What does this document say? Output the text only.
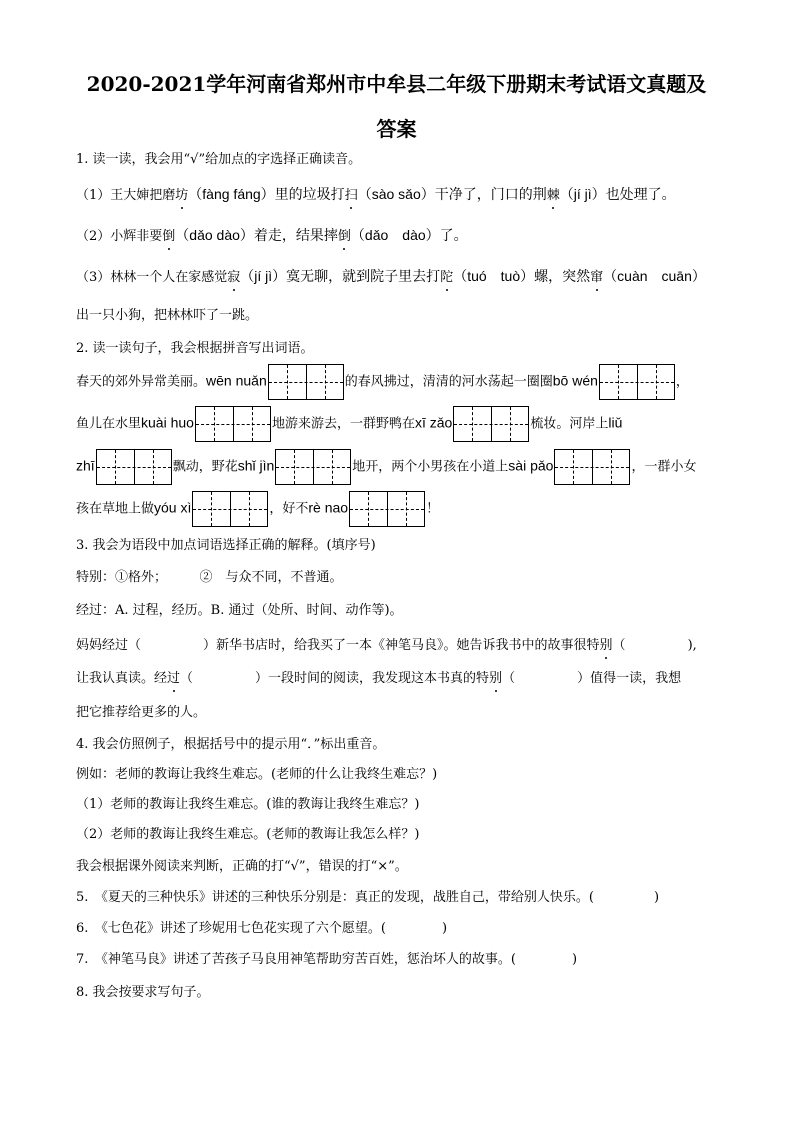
2020-2021学年河南省郑州市中牟县二年级下册期末考试语文真题及
答案
1. 读一读，我会用“√”给加点的字选择正确读音。
（1）王大婶把磨坊（fàng fáng）里的垃圾打扫（sào sǎo）干净了，门口的荆棘（jí jì）也处理了。
（2）小辉非要倒（dǎo dào）着走，结果摔倒（dǎo　dào）了。
（3）林林一个人在家感觉寂（jí jì）寞无聊，就到院子里去打陀（tuó　tuò）螺，突然窜（cuàn　cuān）
出一只小狗，把林林吓了一跳。
2. 读一读句子，我会根据拼音写出词语。
春天的郊外异常美丽。wēn nuǎn	的春风拂过，清清的河水荡起一圈圈bō wén	，
鱼儿在水里kuài huo	地游来游去，一群野鸭在xī zǎo	梳妆。河岸上liǔ
zhī	飘动，野花shǐ jìn	地开，两个小男孩在小道上sài pǎo	，一群小女
孩在草地上做yóu xì	，好不rè nao	！
3. 我会为语段中加点词语选择正确的解释。(填序号)
特别：①格外；　　　②　与众不同，不普通。
经过：A. 过程，经历。B. 通过（处所、时间、动作等)。
妈妈经过（	）新华书店时，给我买了一本《神笔马良》。她告诉我书中的故事很特别（	),
让我认真读。经过（	）一段时间的阅读，我发现这本书真的特别（	）值得一读，我想
把它推荐给更多的人。
4. 我会仿照例子，根据括号中的提示用“．”标出重音。
例如：老师的教诲让我终生难忘。(老师的什么让我终生难忘？)
（1）老师的教诲让我终生难忘。(谁的教诲让我终生难忘？)
（2）老师的教诲让我终生难忘。(老师的教诲让我怎么样？)
我会根据课外阅读来判断，正确的打“√”，错误的打“×”。
5.　《夏天的三种快乐》讲述的三种快乐分别是：真正的发现，战胜自己，带给别人快乐。(	)
6.　《七色花》讲述了珍妮用七色花实现了六个愿望。(	)
7.　《神笔马良》讲述了苦孩子马良用神笔帮助穷苦百姓，惩治坏人的故事。(	)
8. 我会按要求写句子。
